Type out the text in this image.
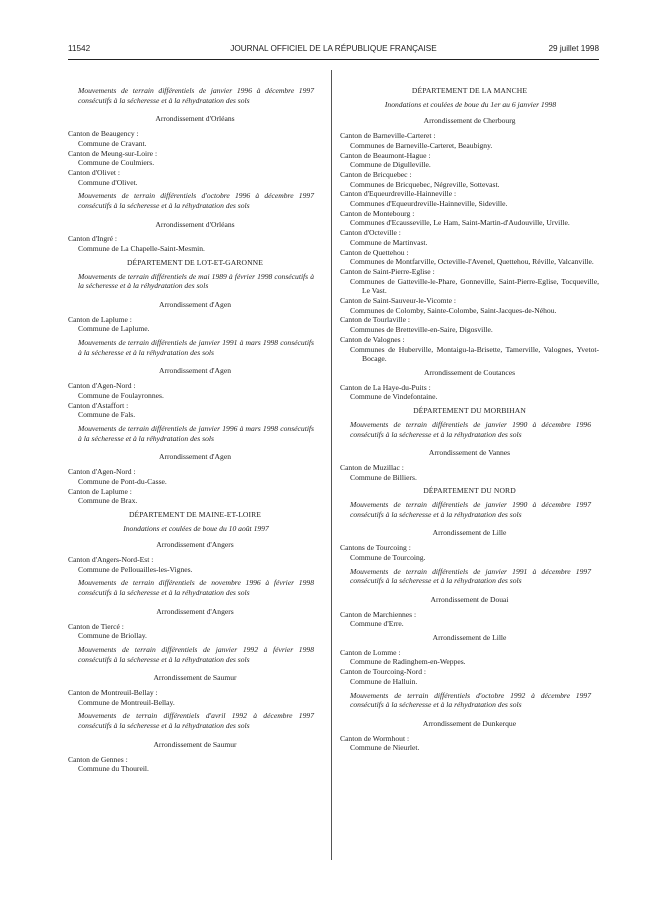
11542	JOURNAL OFFICIEL DE LA RÉPUBLIQUE FRANÇAISE	29 juillet 1998
Mouvements de terrain différentiels de janvier 1996 à décembre 1997 consécutifs à la sécheresse et à la réhydratation des sols
Arrondissement d'Orléans
Canton de Beaugency :
Commune de Cravant.
Canton de Meung-sur-Loire :
Commune de Coulmiers.
Canton d'Olivet :
Commune d'Olivet.
Mouvements de terrain différentiels d'octobre 1996 à décembre 1997 consécutifs à la sécheresse et à la réhydratation des sols
Arrondissement d'Orléans
Canton d'Ingré :
Commune de La Chapelle-Saint-Mesmin.
DÉPARTEMENT DE LOT-ET-GARONNE
Mouvements de terrain différentiels de mai 1989 à février 1998 consécutifs à la sécheresse et à la réhydratation des sols
Arrondissement d'Agen
Canton de Laplume :
Commune de Laplume.
Mouvements de terrain différentiels de janvier 1991 à mars 1998 consécutifs à la sécheresse et à la réhydratation des sols
Arrondissement d'Agen
Canton d'Agen-Nord :
Commune de Foulayronnes.
Canton d'Astaffort :
Commune de Fals.
Mouvements de terrain différentiels de janvier 1996 à mars 1998 consécutifs à la sécheresse et à la réhydratation des sols
Arrondissement d'Agen
Canton d'Agen-Nord :
Commune de Pont-du-Casse.
Canton de Laplume :
Commune de Brax.
DÉPARTEMENT DE MAINE-ET-LOIRE
Inondations et coulées de boue du 10 août 1997
Arrondissement d'Angers
Canton d'Angers-Nord-Est :
Commune de Pellouailles-les-Vignes.
Mouvements de terrain différentiels de novembre 1996 à février 1998 consécutifs à la sécheresse et à la réhydratation des sols
Arrondissement d'Angers
Canton de Tiercé :
Commune de Briollay.
Mouvements de terrain différentiels de janvier 1992 à février 1998 consécutifs à la sécheresse et à la réhydratation des sols
Arrondissement de Saumur
Canton de Montreuil-Bellay :
Commune de Montreuil-Bellay.
Mouvements de terrain différentiels d'avril 1992 à décembre 1997 consécutifs à la sécheresse et à la réhydratation des sols
Arrondissement de Saumur
Canton de Gennes :
Commune du Thoureil.
DÉPARTEMENT DE LA MANCHE
Inondations et coulées de boue du 1er au 6 janvier 1998
Arrondissement de Cherbourg
Canton de Barneville-Carteret :
Communes de Barneville-Carteret, Beaubigny.
Canton de Beaumont-Hague :
Commune de Digulleville.
Canton de Bricquebec :
Communes de Bricquebec, Négreville, Sottevast.
Canton d'Equeurdreville-Hainneville :
Communes d'Equeurdreville-Hainneville, Sideville.
Canton de Montebourg :
Communes d'Ecausseville, Le Ham, Saint-Martin-d'Audouville, Urville.
Canton d'Octeville :
Commune de Martinvast.
Canton de Quettehou :
Communes de Montfarville, Octeville-l'Avenel, Quettehou, Réville, Valcanville.
Canton de Saint-Pierre-Eglise :
Communes de Gatteville-le-Phare, Gonneville, Saint-Pierre-Eglise, Tocqueville, Le Vast.
Canton de Saint-Sauveur-le-Vicomte :
Communes de Colomby, Sainte-Colombe, Saint-Jacques-de-Néhou.
Canton de Tourlaville :
Communes de Bretteville-en-Saire, Digosville.
Canton de Valognes :
Communes de Huberville, Montaigu-la-Brisette, Tamerville, Valognes, Yvetot-Bocage.
Arrondissement de Coutances
Canton de La Haye-du-Puits :
Commune de Vindefontaine.
DÉPARTEMENT DU MORBIHAN
Mouvements de terrain différentiels de janvier 1990 à décembre 1996 consécutifs à la sécheresse et à la réhydratation des sols
Arrondissement de Vannes
Canton de Muzillac :
Commune de Billiers.
DÉPARTEMENT DU NORD
Mouvements de terrain différentiels de janvier 1990 à décembre 1997 consécutifs à la sécheresse et à la réhydratation des sols
Arrondissement de Lille
Cantons de Tourcoing :
Commune de Tourcoing.
Mouvements de terrain différentiels de janvier 1991 à décembre 1997 consécutifs à la sécheresse et à la réhydratation des sols
Arrondissement de Douai
Canton de Marchiennes :
Commune d'Erre.
Arrondissement de Lille
Canton de Lomme :
Commune de Radinghem-en-Weppes.
Canton de Tourcoing-Nord :
Commune de Halluin.
Mouvements de terrain différentiels d'octobre 1992 à décembre 1997 consécutifs à la sécheresse et à la réhydratation des sols
Arrondissement de Dunkerque
Canton de Wormhout :
Commune de Nieurlet.
